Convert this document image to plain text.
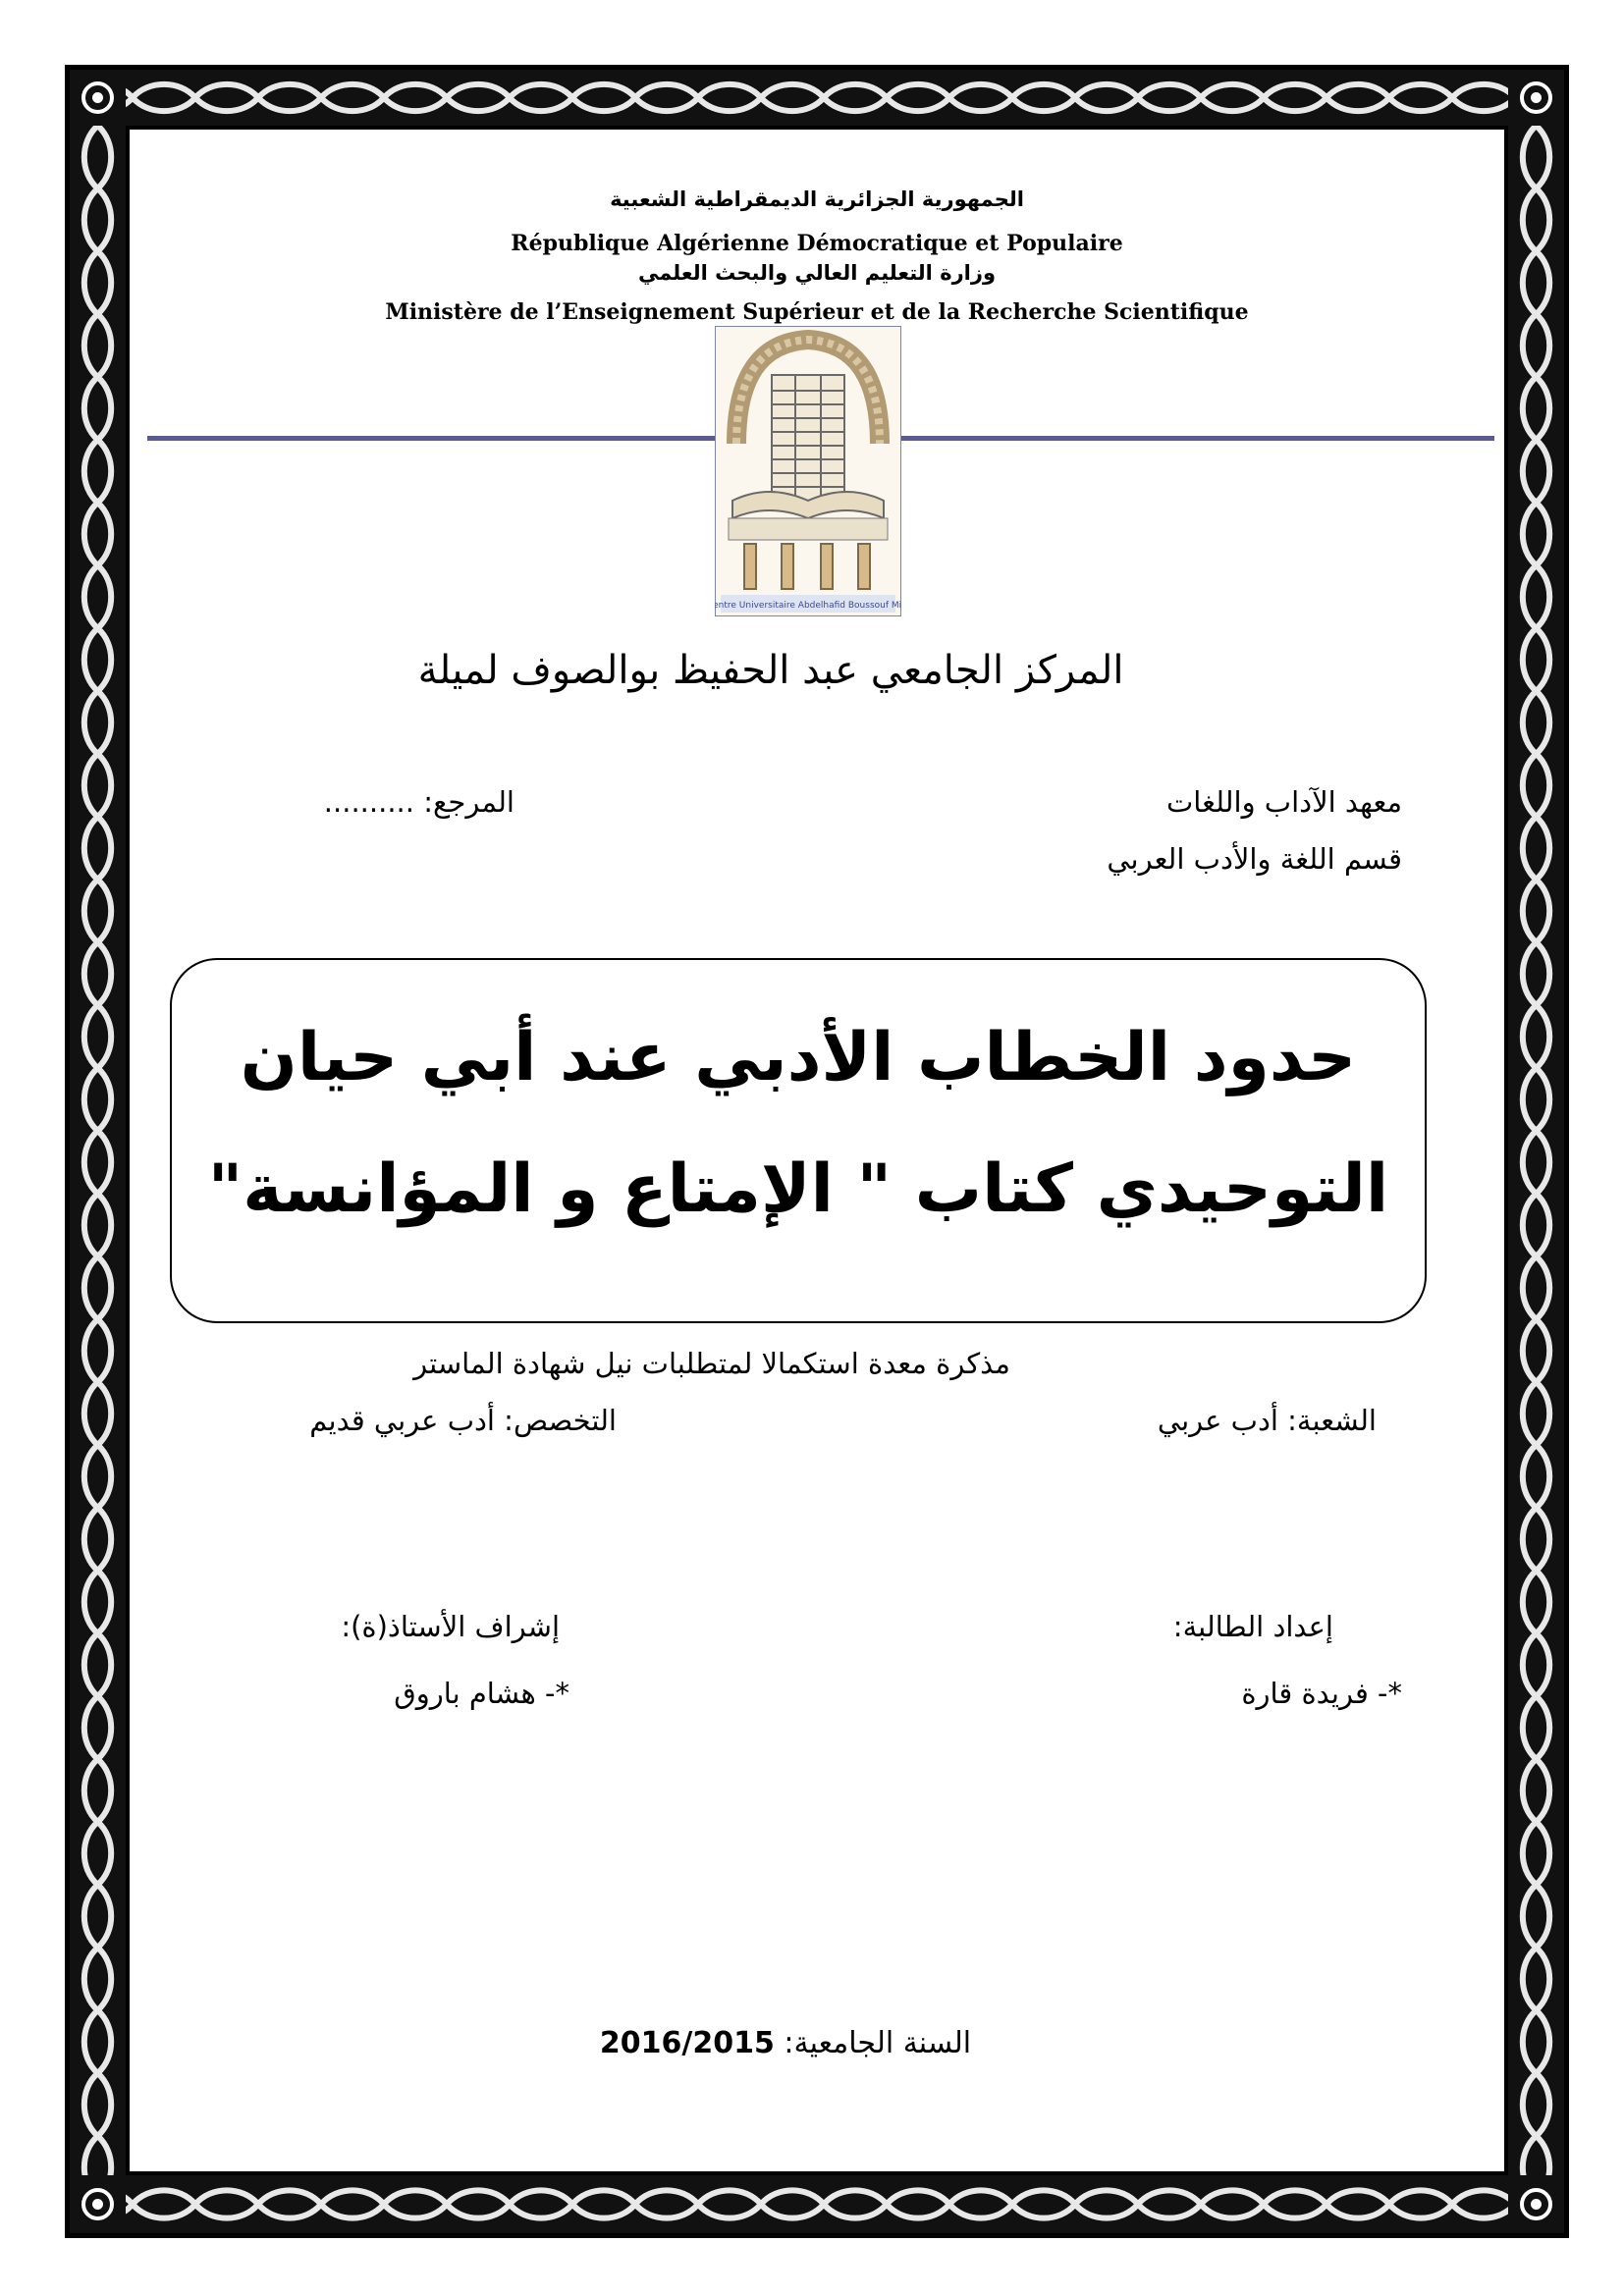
الجمهورية الجزائرية الديمقراطية الشعبية
République Algérienne Démocratique et Populaire
وزارة التعليم العالي والبحث العلمي
Ministère de l’Enseignement Supérieur et de la Recherche Scientifique
Centre Universitaire Abdelhafid Boussouf Mila
المركز الجامعي عبد الحفيظ بوالصوف لميلة
معهد الآداب واللغات
المرجع: ..........
قسم اللغة والأدب العربي
حدود الخطاب الأدبي عند أبي حيان
التوحيدي كتاب " الإمتاع و المؤانسة"
مذكرة معدة استكمالا لمتطلبات نيل شهادة الماستر
الشعبة: أدب عربي
التخصص: أدب عربي قديم
إعداد الطالبة:
إشراف الأستاذ(ة):
*- فريدة قارة
*- هشام باروق
السنة الجامعية: 2016/2015
